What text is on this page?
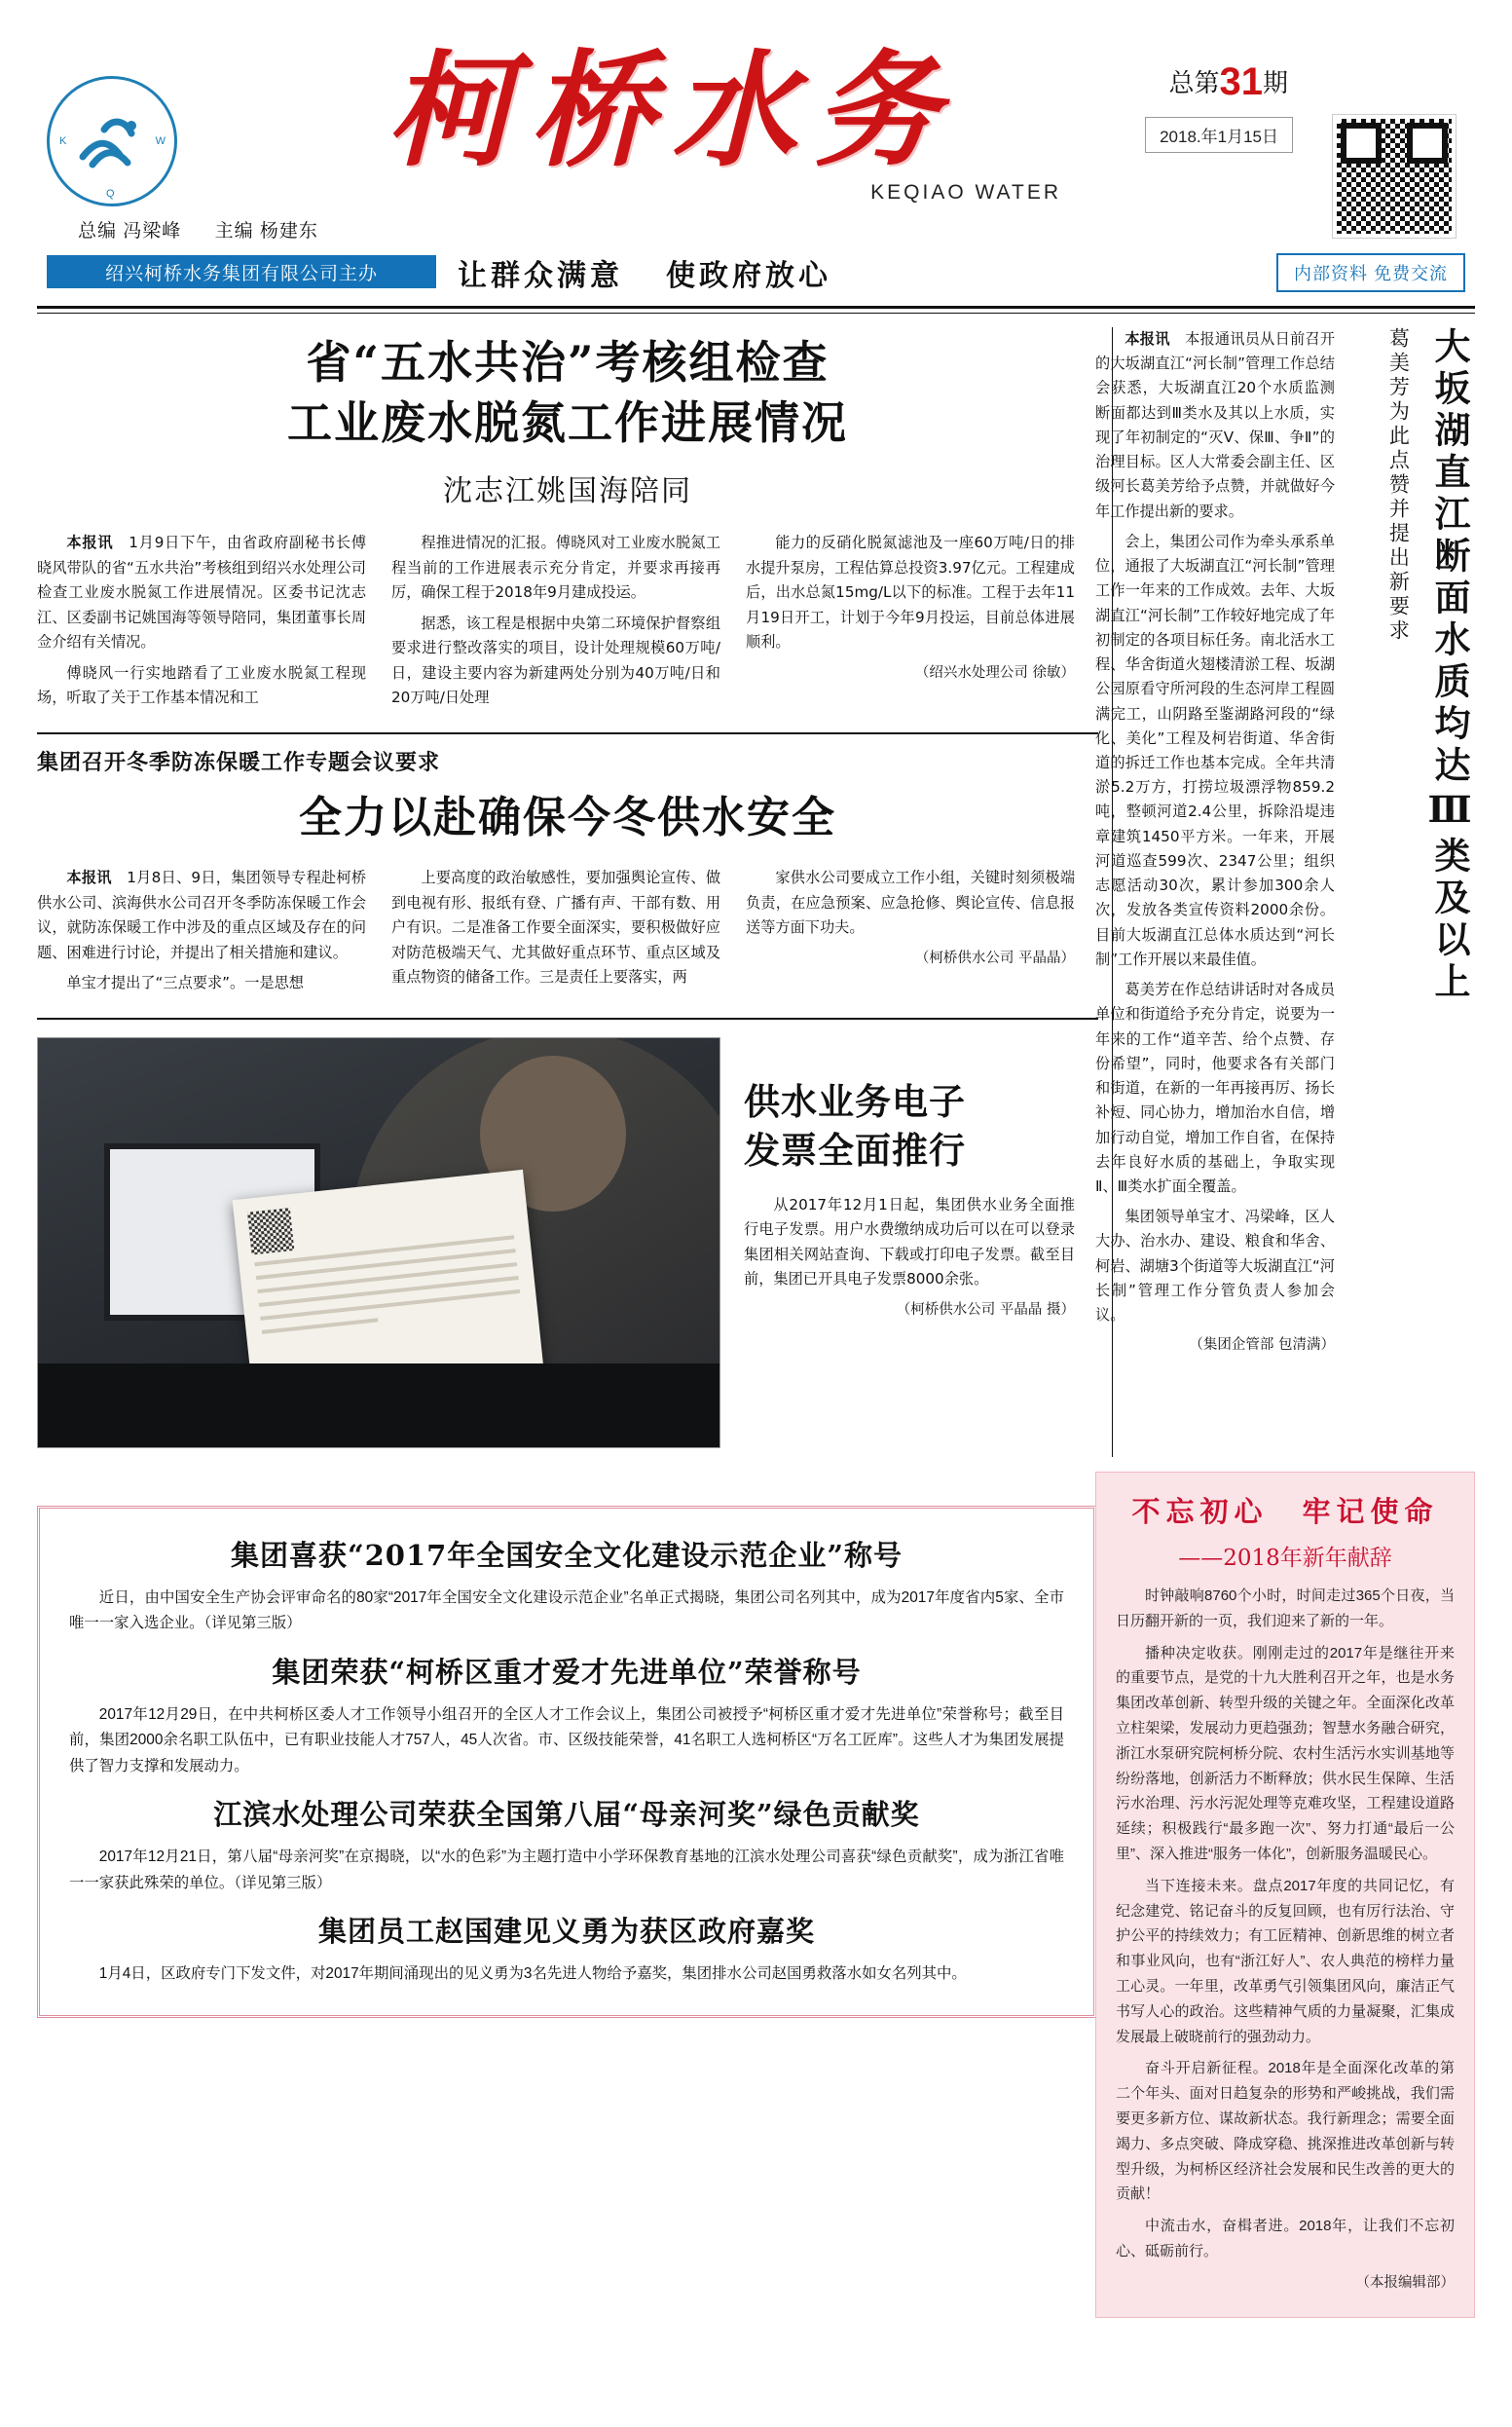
K
Q
W	柯桥水务
KEQIAO WATER
总第31期
2018.年1月15日
总编 冯梁峰 主编 杨建东
绍兴柯桥水务集团有限公司主办	让群众满意 使政府放心	内部资料 免费交流
省“五水共治”考核组检查
工业废水脱氮工作进展情况
沈志江姚国海陪同

本报讯　 1月9日下午，由省政府副秘书长傅晓风带队的省“五水共治”考核组到绍兴水处理公司检查工业废水脱氮工作进展情况。区委书记沈志江、区委副书记姚国海等领导陪同，集团董事长周佥介绍有关情况。

傅晓风一行实地踏看了工业废水脱氮工程现场，听取了关于工作基本情况和工

程推进情况的汇报。傅晓风对工业废水脱氮工程当前的工作进展表示充分肯定，并要求再接再厉，确保工程于2018年9月建成投运。

据悉，该工程是根据中央第二环境保护督察组要求进行整改落实的项目，设计处理规模60万吨/日，建设主要内容为新建两处分别为40万吨/日和20万吨/日处理

能力的反硝化脱氮滤池及一座60万吨/日的排水提升泵房，工程估算总投资3.97亿元。工程建成后，出水总氮15mg/L以下的标准。工程于去年11月19日开工，计划于今年9月投运，目前总体进展顺利。

（绍兴水处理公司 徐敏）
集团召开冬季防冻保暖工作专题会议要求
全力以赴确保今冬供水安全

本报讯　 1月8日、9日，集团领导专程赴柯桥供水公司、滨海供水公司召开冬季防冻保暖工作会议，就防冻保暖工作中涉及的重点区域及存在的问题、困难进行讨论，并提出了相关措施和建议。

单宝才提出了“三点要求”。一是思想

上要高度的政治敏感性，要加强舆论宣传、做到电视有形、报纸有登、广播有声、干部有数、用户有识。二是准备工作要全面深实，要积极做好应对防范极端天气、尤其做好重点环节、重点区域及重点物资的储备工作。三是责任上要落实，两

家供水公司要成立工作小组，关键时刻须极端负责，在应急预案、应急抢修、舆论宣传、信息报送等方面下功夫。

（柯桥供水公司 平晶晶）
供水业务电子
发票全面推行

从2017年12月1日起，集团供水业务全面推行电子发票。用户水费缴纳成功后可以在可以登录集团相关网站查询、下载或打印电子发票。截至目前，集团已开具电子发票8000余张。

（柯桥供水公司 平晶晶 摄）
集团喜获“2017年全国安全文化建设示范企业”称号

近日，由中国安全生产协会评审命名的80家“2017年全国安全文化建设示范企业”名单正式揭晓，集团公司名列其中，成为2017年度省内5家、全市唯一一家入选企业。（详见第三版）

集团荣获“柯桥区重才爱才先进单位”荣誉称号

2017年12月29日，在中共柯桥区委人才工作领导小组召开的全区人才工作会议上，集团公司被授予“柯桥区重才爱才先进单位”荣誉称号；截至目前，集团2000余名职工队伍中，已有职业技能人才757人，45人次省。市、区级技能荣誉，41名职工人选柯桥区“万名工匠库”。这些人才为集团发展提供了智力支撑和发展动力。

江滨水处理公司荣获全国第八届“母亲河奖”绿色贡献奖

2017年12月21日，第八届“母亲河奖”在京揭晓，以“水的色彩”为主题打造中小学环保教育基地的江滨水处理公司喜获“绿色贡献奖”，成为浙江省唯一一家获此殊荣的单位。（详见第三版）

集团员工赵国建见义勇为获区政府嘉奖

1月4日，区政府专门下发文件，对2017年期间涌现出的见义勇为3名先进人物给予嘉奖，集团排水公司赵国勇救落水如女名列其中。

大坂湖直江断面水质均达Ⅲ类及以上
葛美芳为此点赞并提出新要求

本报讯　 本报通讯员从日前召开的大坂湖直江“河长制”管理工作总结会获悉，大坂湖直江20个水质监测断面都达到Ⅲ类水及其以上水质，实现了年初制定的“灭Ⅴ、保Ⅲ、争Ⅱ”的治理目标。区人大常委会副主任、区级河长葛美芳给予点赞，并就做好今年工作提出新的要求。

会上，集团公司作为牵头承系单位，通报了大坂湖直江“河长制”管理工作一年来的工作成效。去年、大坂湖直江“河长制”工作较好地完成了年初制定的各项目标任务。南北活水工程、华舍街道火翅楼清淤工程、坂湖公园原看守所河段的生态河岸工程圆满完工，山阴路至鉴湖路河段的“绿化、美化”工程及柯岩街道、华舍街道的拆迁工作也基本完成。全年共清淤5.2万方，打捞垃圾漂浮物859.2吨，整顿河道2.4公里，拆除沿堤违章建筑1450平方米。一年来，开展河道巡查599次、2347公里；组织志愿活动30次，累计参加300余人次，发放各类宣传资料2000余份。目前大坂湖直江总体水质达到“河长制”工作开展以来最佳值。

葛美芳在作总结讲话时对各成员单位和街道给予充分肯定，说要为一年来的工作“道辛苦、给个点赞、存份希望”，同时，他要求各有关部门和街道，在新的一年再接再厉、扬长补短、同心协力，增加治水自信，增加行动自觉，增加工作自省，在保持去年良好水质的基础上，争取实现Ⅱ、Ⅲ类水扩面全覆盖。

集团领导单宝才、冯梁峰，区人大办、治水办、建设、粮食和华舍、柯岩、湖塘3个街道等大坂湖直江“河长制”管理工作分管负责人参加会议。

（集团企管部 包清满）
不忘初心　牢记使命
——2018年新年献辞

时钟敲响8760个小时，时间走过365个日夜，当日历翻开新的一页，我们迎来了新的一年。

播种决定收获。刚刚走过的2017年是继往开来的重要节点，是党的十九大胜利召开之年，也是水务集团改革创新、转型升级的关键之年。全面深化改革立柱架梁，发展动力更趋强劲；智慧水务融合研究，浙江水泵研究院柯桥分院、农村生活污水实训基地等纷纷落地，创新活力不断释放；供水民生保障、生活污水治理、污水污泥处理等克难攻坚，工程建设道路延续；积极践行“最多跑一次”、努力打通“最后一公里”、深入推进“服务一体化”，创新服务温暖民心。

当下连接未来。盘点2017年度的共同记忆，有纪念建党、铭记奋斗的反复回顾，也有厉行法治、守护公平的持续效力；有工匠精神、创新思维的树立者和事业风向，也有“浙江好人”、农人典范的榜样力量工心灵。一年里，改革勇气引领集团风向，廉洁正气书写人心的政治。这些精神气质的力量凝聚，汇集成发展最上破晓前行的强劲动力。

奋斗开启新征程。2018年是全面深化改革的第二个年头、面对日趋复杂的形势和严峻挑战，我们需要更多新方位、谋故新状态。我行新理念；需要全面竭力、多点突破、降成穿稳、挑深推进改革创新与转型升级，为柯桥区经济社会发展和民生改善的更大的贡献！

中流击水，奋楫者进。2018年，让我们不忘初心、砥砺前行。

（本报编辑部）
